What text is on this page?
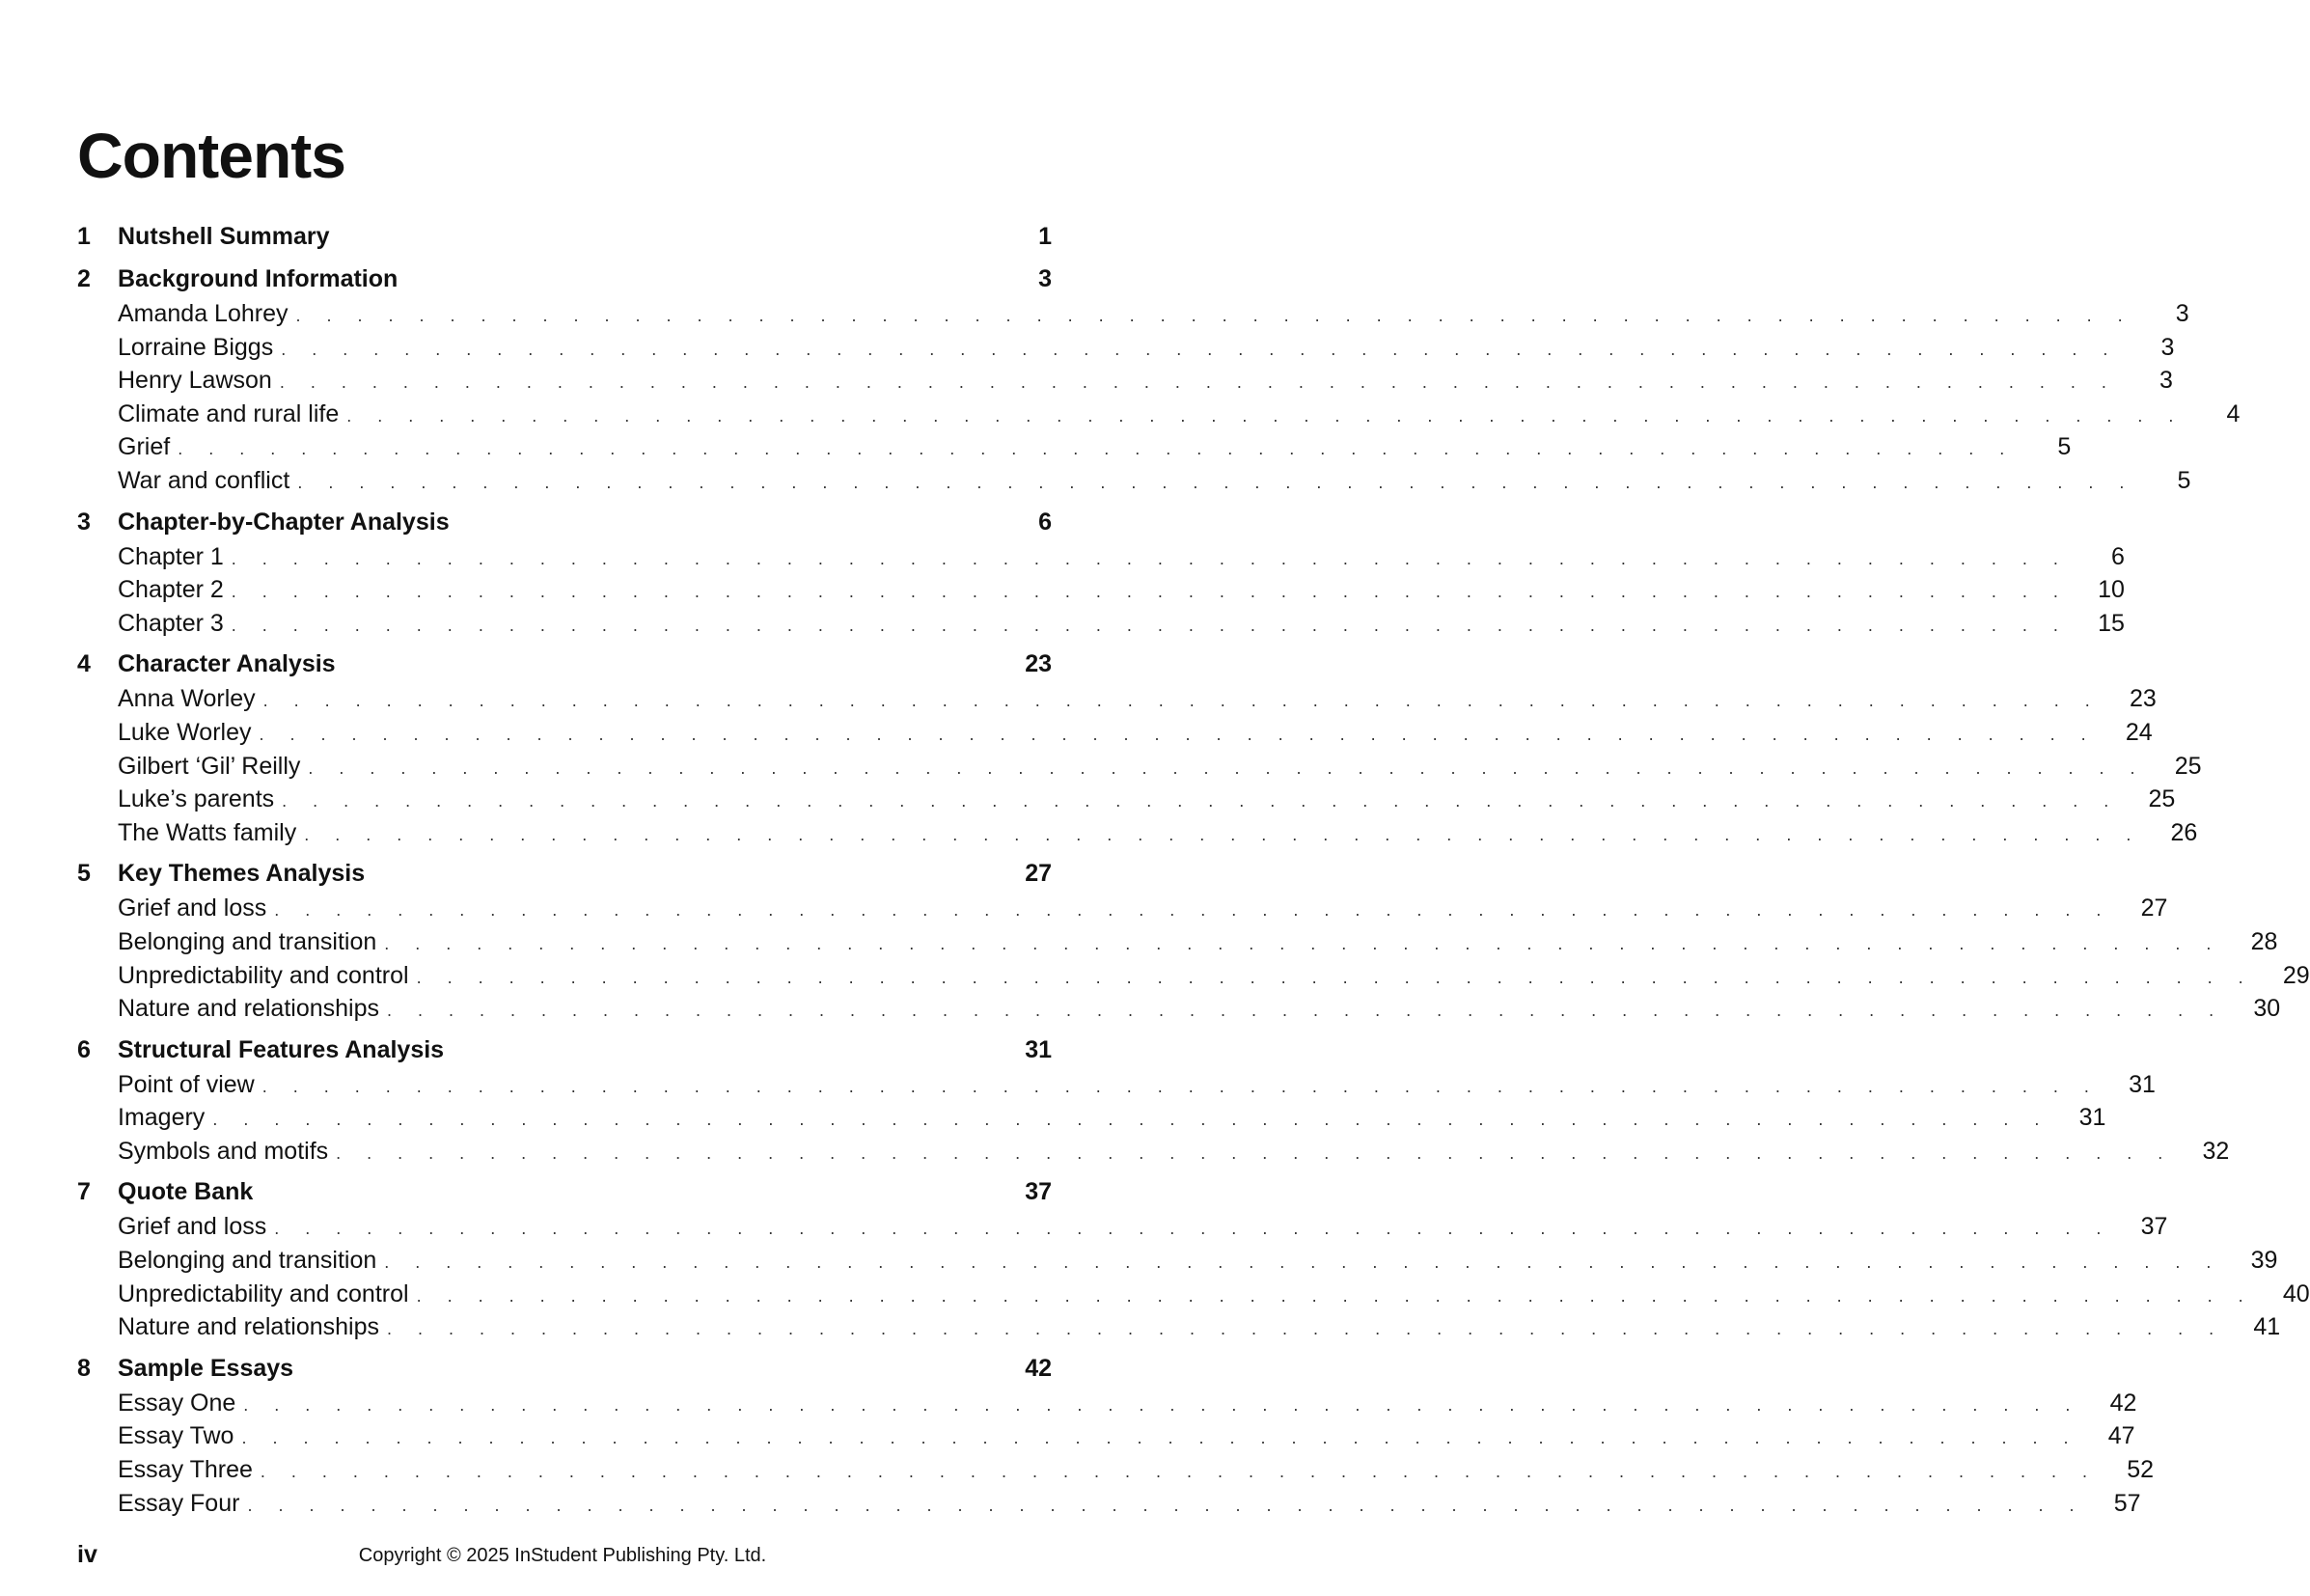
Contents
1	Nutshell Summary	1
2	Background Information	3
Amanda Lohrey . . . . . . . . . . . . . . . . . . . . . . . . . . . . . . . . . . . . . . . . . . . . . . . . . . . . . . . . . . . .	3
Lorraine Biggs . . . . . . . . . . . . . . . . . . . . . . . . . . . . . . . . . . . . . . . . . . . . . . . . . . . . . . . . . . . .	3
Henry Lawson . . . . . . . . . . . . . . . . . . . . . . . . . . . . . . . . . . . . . . . . . . . . . . . . . . . . . . . . . . . .	3
Climate and rural life . . . . . . . . . . . . . . . . . . . . . . . . . . . . . . . . . . . . . . . . . . . . . . . . . . . . . . . . . . . .	4
Grief . . . . . . . . . . . . . . . . . . . . . . . . . . . . . . . . . . . . . . . . . . . . . . . . . . . . . . . . . . . .	5
War and conflict . . . . . . . . . . . . . . . . . . . . . . . . . . . . . . . . . . . . . . . . . . . . . . . . . . . . . . . . . . . .	5
3	Chapter-by-Chapter Analysis	6
Chapter 1 . . . . . . . . . . . . . . . . . . . . . . . . . . . . . . . . . . . . . . . . . . . . . . . . . . . . . . . . . . . .	6
Chapter 2 . . . . . . . . . . . . . . . . . . . . . . . . . . . . . . . . . . . . . . . . . . . . . . . . . . . . . . . . . . . .	10
Chapter 3 . . . . . . . . . . . . . . . . . . . . . . . . . . . . . . . . . . . . . . . . . . . . . . . . . . . . . . . . . . . .	15
4	Character Analysis	23
Anna Worley . . . . . . . . . . . . . . . . . . . . . . . . . . . . . . . . . . . . . . . . . . . . . . . . . . . . . . . . . . . .	23
Luke Worley . . . . . . . . . . . . . . . . . . . . . . . . . . . . . . . . . . . . . . . . . . . . . . . . . . . . . . . . . . . .	24
Gilbert ‘Gil’ Reilly . . . . . . . . . . . . . . . . . . . . . . . . . . . . . . . . . . . . . . . . . . . . . . . . . . . . . . . . . . . .	25
Luke’s parents . . . . . . . . . . . . . . . . . . . . . . . . . . . . . . . . . . . . . . . . . . . . . . . . . . . . . . . . . . . .	25
The Watts family . . . . . . . . . . . . . . . . . . . . . . . . . . . . . . . . . . . . . . . . . . . . . . . . . . . . . . . . . . . .	26
5	Key Themes Analysis	27
Grief and loss . . . . . . . . . . . . . . . . . . . . . . . . . . . . . . . . . . . . . . . . . . . . . . . . . . . . . . . . . . . .	27
Belonging and transition . . . . . . . . . . . . . . . . . . . . . . . . . . . . . . . . . . . . . . . . . . . . . . . . . . . . . . . . . . . .	28
Unpredictability and control . . . . . . . . . . . . . . . . . . . . . . . . . . . . . . . . . . . . . . . . . . . . . . . . . . . . . . . . . . . .	29
Nature and relationships . . . . . . . . . . . . . . . . . . . . . . . . . . . . . . . . . . . . . . . . . . . . . . . . . . . . . . . . . . . .	30
6	Structural Features Analysis	31
Point of view . . . . . . . . . . . . . . . . . . . . . . . . . . . . . . . . . . . . . . . . . . . . . . . . . . . . . . . . . . . .	31
Imagery . . . . . . . . . . . . . . . . . . . . . . . . . . . . . . . . . . . . . . . . . . . . . . . . . . . . . . . . . . . .	31
Symbols and motifs . . . . . . . . . . . . . . . . . . . . . . . . . . . . . . . . . . . . . . . . . . . . . . . . . . . . . . . . . . . .	32
7	Quote Bank	37
Grief and loss . . . . . . . . . . . . . . . . . . . . . . . . . . . . . . . . . . . . . . . . . . . . . . . . . . . . . . . . . . . .	37
Belonging and transition . . . . . . . . . . . . . . . . . . . . . . . . . . . . . . . . . . . . . . . . . . . . . . . . . . . . . . . . . . . .	39
Unpredictability and control . . . . . . . . . . . . . . . . . . . . . . . . . . . . . . . . . . . . . . . . . . . . . . . . . . . . . . . . . . . .	40
Nature and relationships . . . . . . . . . . . . . . . . . . . . . . . . . . . . . . . . . . . . . . . . . . . . . . . . . . . . . . . . . . . .	41
8	Sample Essays	42
Essay One . . . . . . . . . . . . . . . . . . . . . . . . . . . . . . . . . . . . . . . . . . . . . . . . . . . . . . . . . . . .	42
Essay Two . . . . . . . . . . . . . . . . . . . . . . . . . . . . . . . . . . . . . . . . . . . . . . . . . . . . . . . . . . . .	47
Essay Three . . . . . . . . . . . . . . . . . . . . . . . . . . . . . . . . . . . . . . . . . . . . . . . . . . . . . . . . . . . .	52
Essay Four . . . . . . . . . . . . . . . . . . . . . . . . . . . . . . . . . . . . . . . . . . . . . . . . . . . . . . . . . . . .	57
iv	Copyright © 2025 InStudent Publishing Pty. Ltd.
